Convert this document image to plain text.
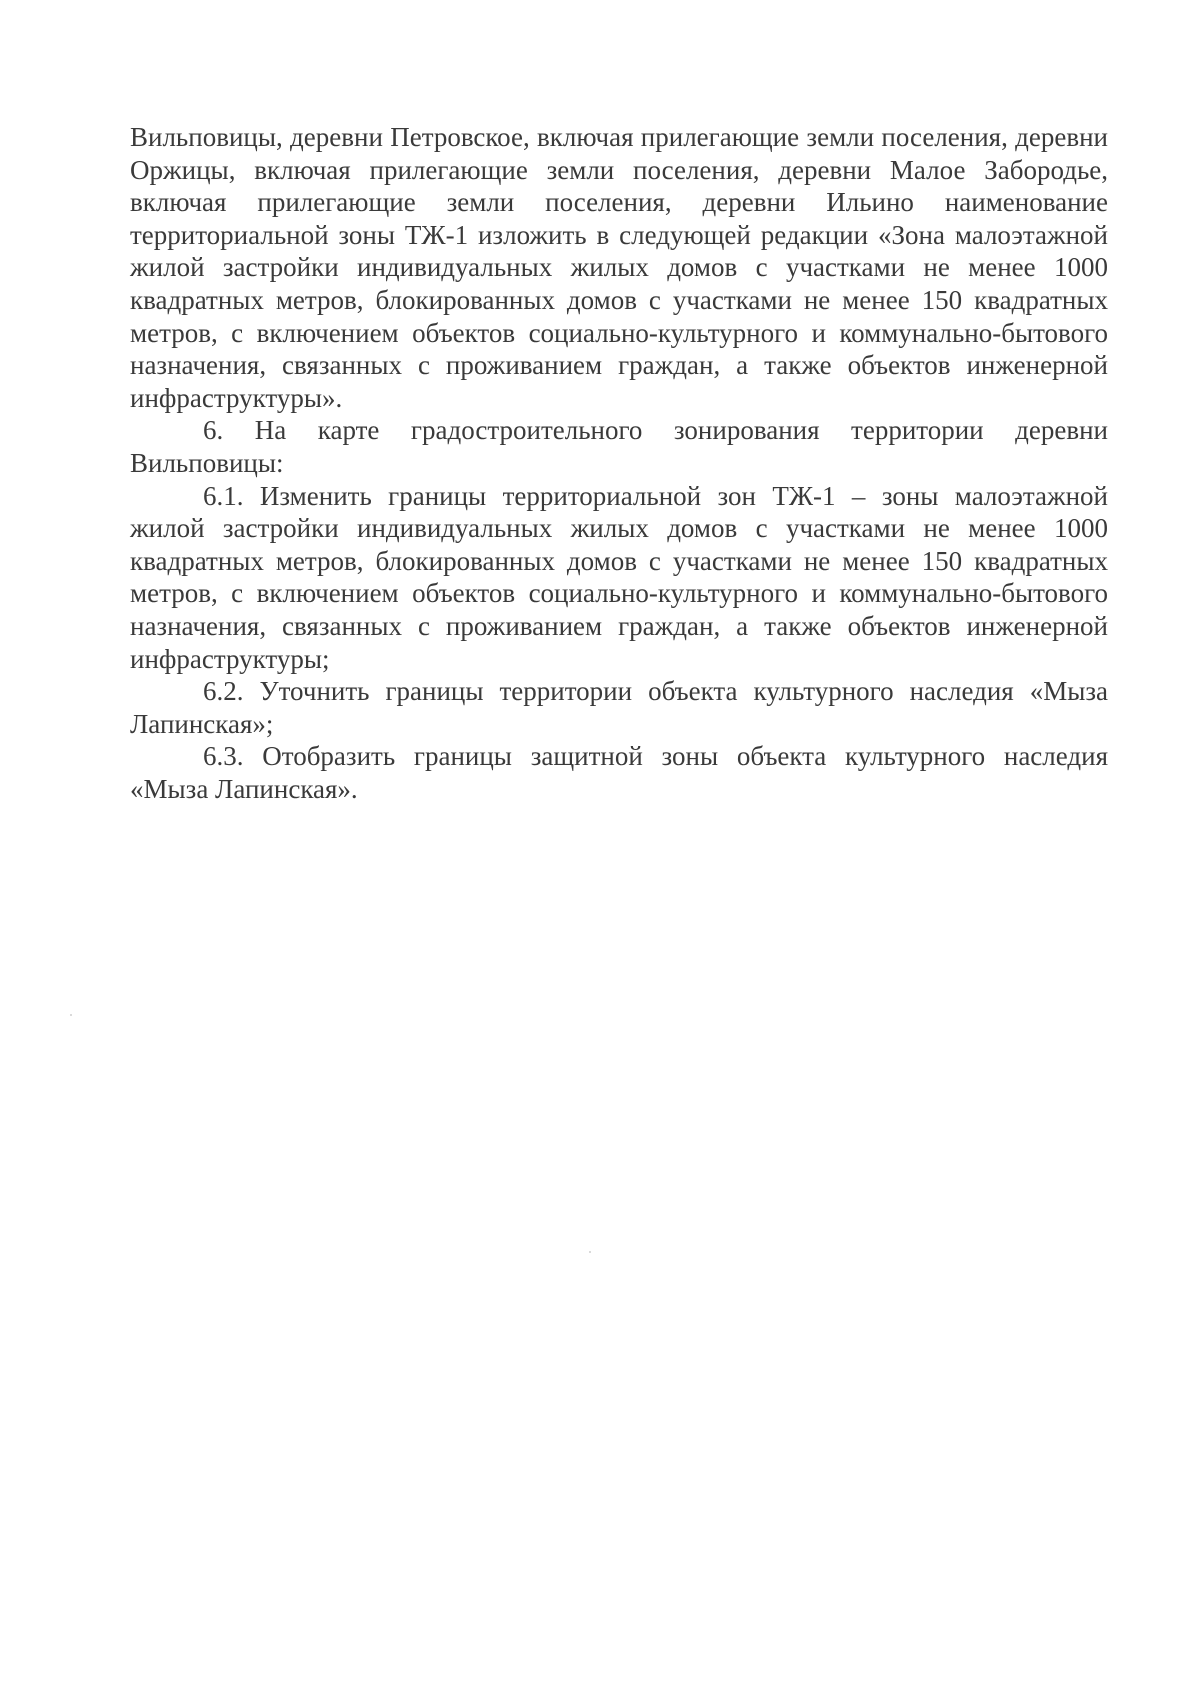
Вильповицы, деревни Петровское, включая прилегающие земли поселения, деревни Оржицы, включая прилегающие земли поселения, деревни Малое Забородье, включая прилегающие земли поселения, деревни Ильино наименование территориальной зоны ТЖ-1 изложить в следующей редакции «Зона малоэтажной жилой застройки индивидуальных жилых домов с участками не менее 1000 квадратных метров, блокированных домов с участками не менее 150 квадратных метров, с включением объектов социально-культурного и коммунально-бытового назначения, связанных с проживанием граждан, а также объектов инженерной инфраструктуры».

6. На карте градостроительного зонирования территории деревни Вильповицы:

6.1. Изменить границы территориальной зон ТЖ-1 – зоны малоэтажной жилой застройки индивидуальных жилых домов с участками не менее 1000 квадратных метров, блокированных домов с участками не менее 150 квадратных метров, с включением объектов социально-культурного и коммунально-бытового назначения, связанных с проживанием граждан, а также объектов инженерной инфраструктуры;

6.2. Уточнить границы территории объекта культурного наследия «Мыза Лапинская»;

6.3. Отобразить границы защитной зоны объекта культурного наследия «Мыза Лапинская».
